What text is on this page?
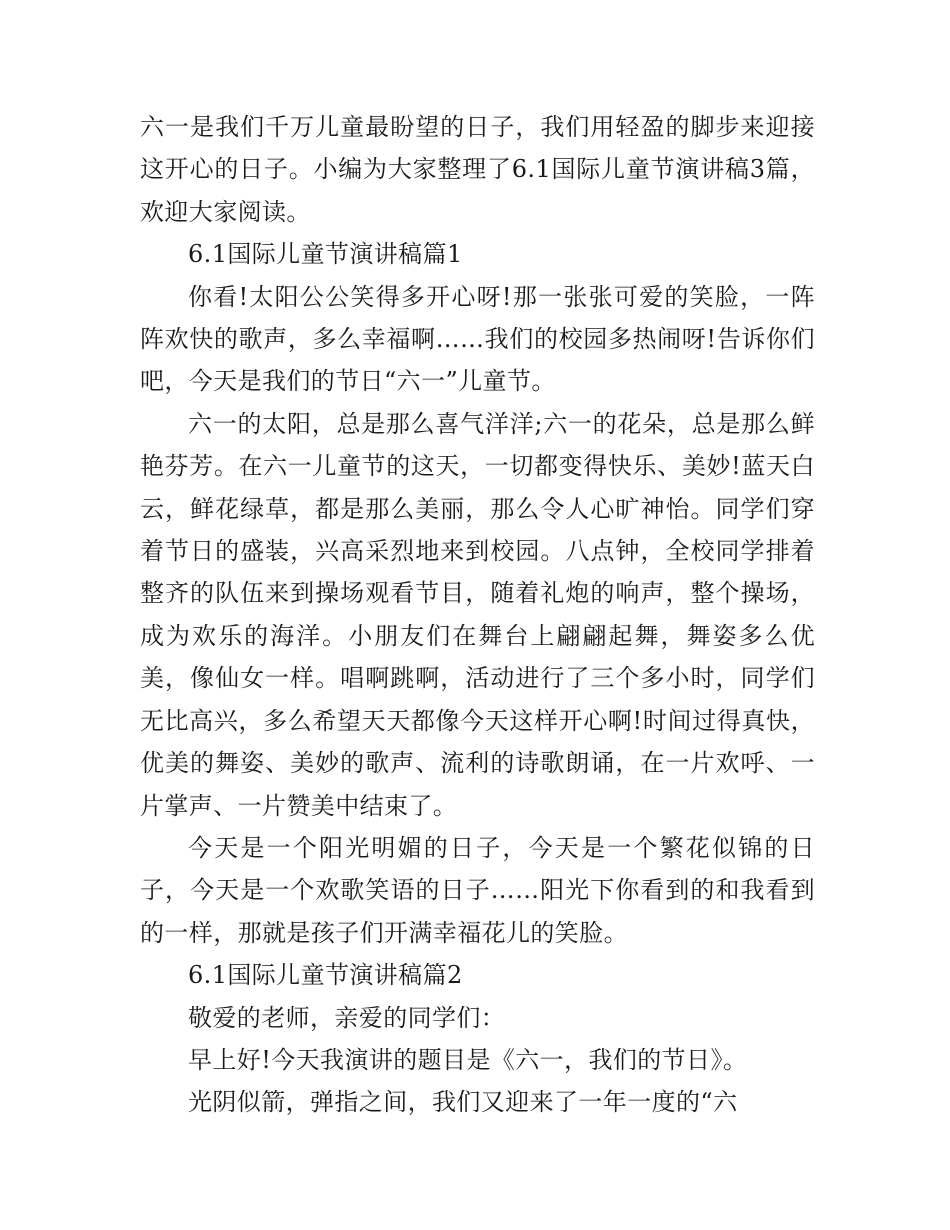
六一是我们千万儿童最盼望的日子，我们用轻盈的脚步来迎接这开心的日子。小编为大家整理了6.1国际儿童节演讲稿3篇，欢迎大家阅读。

6.1国际儿童节演讲稿篇1

你看!太阳公公笑得多开心呀!那一张张可爱的笑脸，一阵阵欢快的歌声，多么幸福啊……我们的校园多热闹呀!告诉你们吧，今天是我们的节日“六一”儿童节。

六一的太阳，总是那么喜气洋洋;六一的花朵，总是那么鲜艳芬芳。在六一儿童节的这天，一切都变得快乐、美妙!蓝天白云，鲜花绿草，都是那么美丽，那么令人心旷神怡。同学们穿着节日的盛装，兴高采烈地来到校园。八点钟，全校同学排着整齐的队伍来到操场观看节目，随着礼炮的响声，整个操场，成为欢乐的海洋。小朋友们在舞台上翩翩起舞，舞姿多么优美，像仙女一样。唱啊跳啊，活动进行了三个多小时，同学们无比高兴，多么希望天天都像今天这样开心啊!时间过得真快，优美的舞姿、美妙的歌声、流利的诗歌朗诵，在一片欢呼、一片掌声、一片赞美中结束了。

今天是一个阳光明媚的日子，今天是一个繁花似锦的日子，今天是一个欢歌笑语的日子……阳光下你看到的和我看到的一样，那就是孩子们开满幸福花儿的笑脸。

6.1国际儿童节演讲稿篇2

敬爱的老师，亲爱的同学们：

早上好!今天我演讲的题目是《六一，我们的节日》。

光阴似箭，弹指之间，我们又迎来了一年一度的“六
